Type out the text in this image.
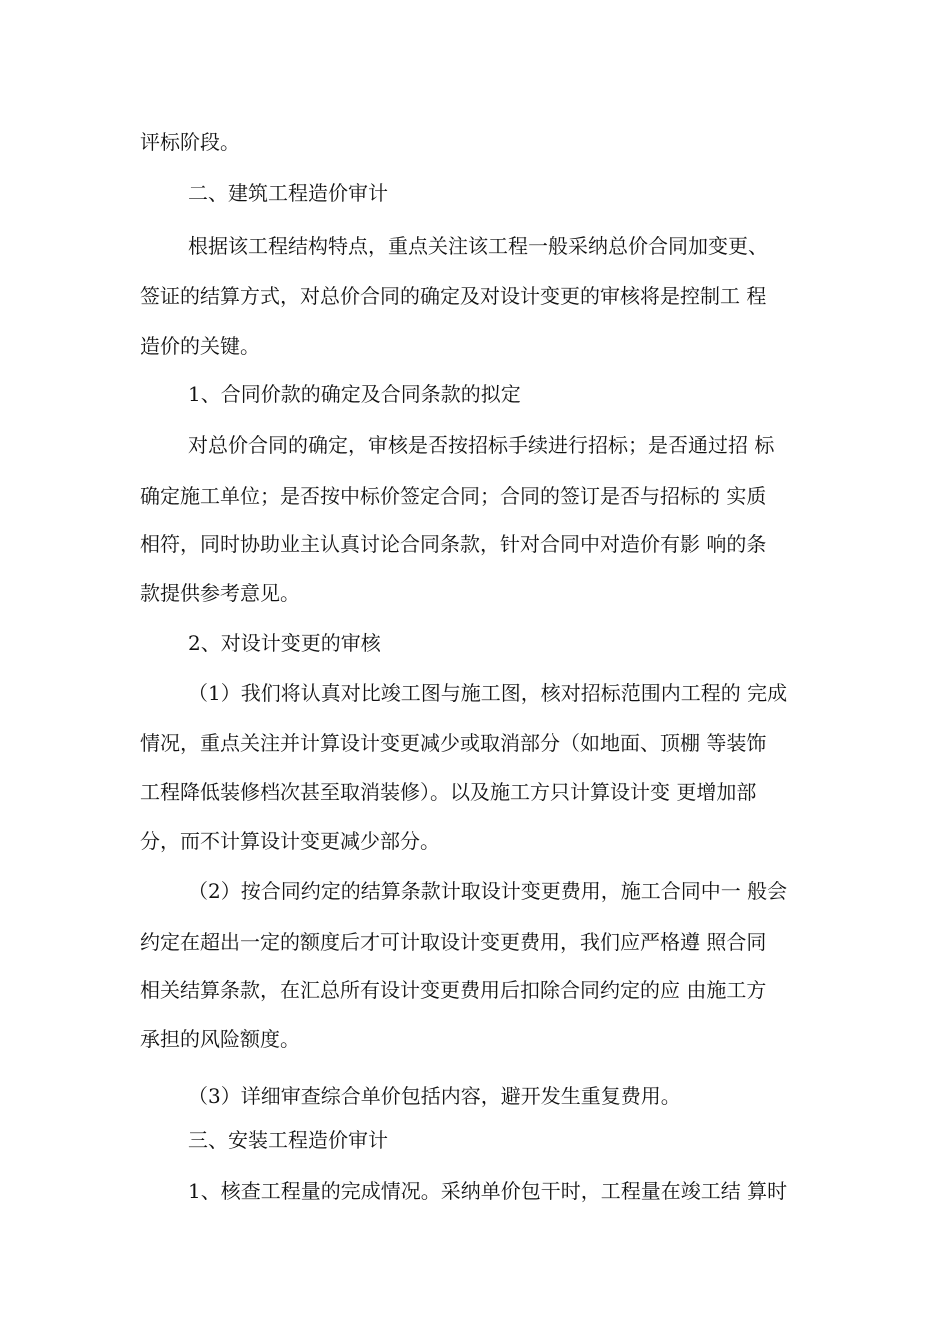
评标阶段。
二、建筑工程造价审计
根据该工程结构特点，重点关注该工程一般采纳总价合同加变更、
签证的结算方式，对总价合同的确定及对设计变更的审核将是控制工 程
造价的关键。
1、合同价款的确定及合同条款的拟定
对总价合同的确定，审核是否按招标手续进行招标；是否通过招 标
确定施工单位；是否按中标价签定合同；合同的签订是否与招标的 实质
相符，同时协助业主认真讨论合同条款，针对合同中对造价有影 响的条
款提供参考意见。
2、对设计变更的审核
（1）我们将认真对比竣工图与施工图，核对招标范围内工程的 完成
情况，重点关注并计算设计变更减少或取消部分（如地面、顶棚 等装饰
工程降低装修档次甚至取消装修）。以及施工方只计算设计变 更增加部
分，而不计算设计变更减少部分。
（2）按合同约定的结算条款计取设计变更费用，施工合同中一 般会
约定在超出一定的额度后才可计取设计变更费用，我们应严格遵 照合同
相关结算条款，在汇总所有设计变更费用后扣除合同约定的应 由施工方
承担的风险额度。
（3）详细审查综合单价包括内容，避开发生重复费用。
三、安装工程造价审计
1、核查工程量的完成情况。采纳单价包干时，工程量在竣工结 算时
